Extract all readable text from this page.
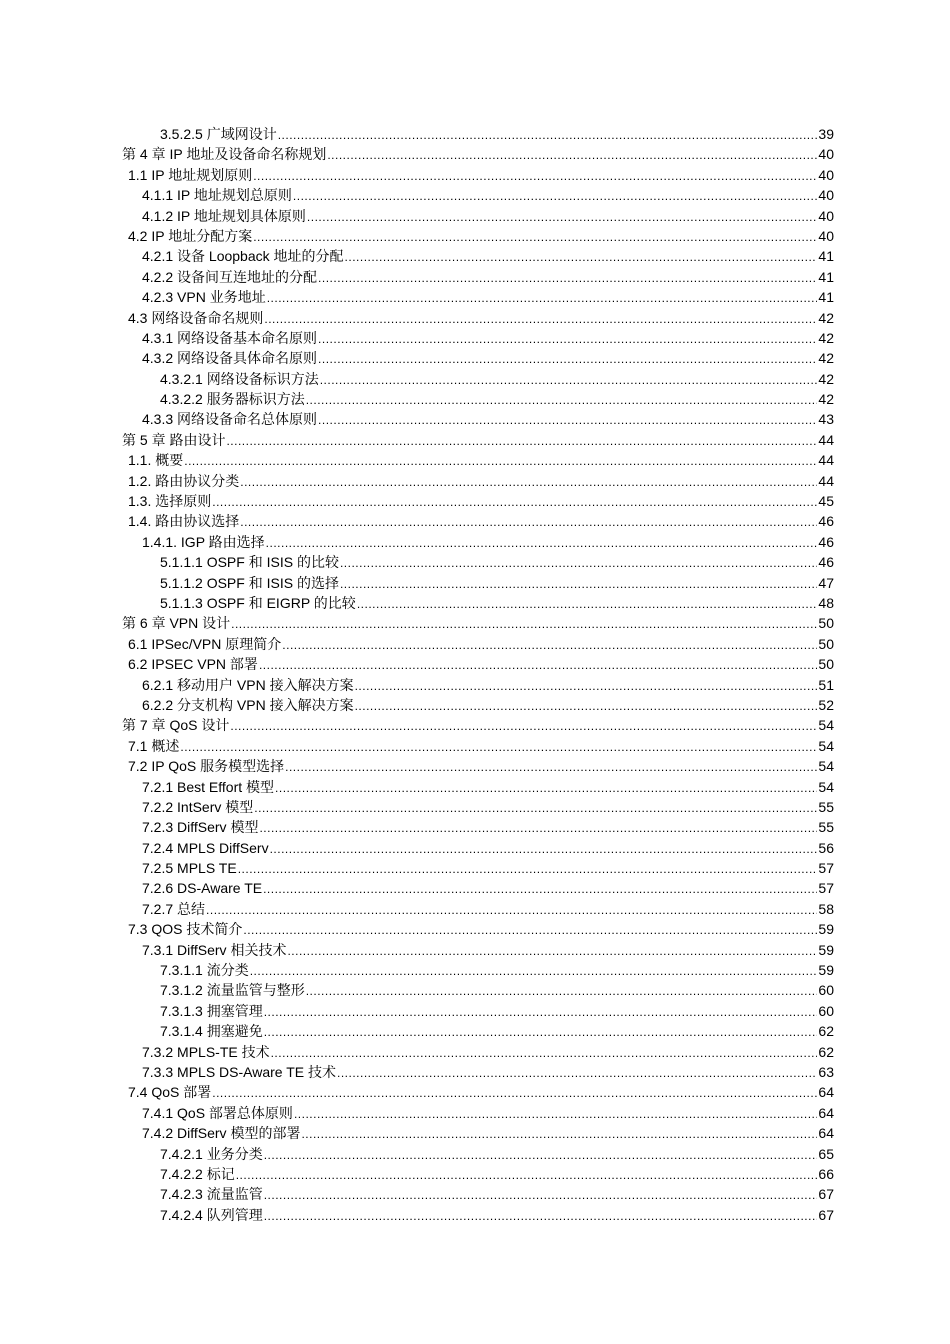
3.5.2.5 广域网设计 .....	39
第 4 章 IP 地址及设备命名称规划 .....	40
1.1 IP 地址规划原则 .....	40
4.1.1 IP 地址规划总原则 .....	40
4.1.2 IP 地址规划具体原则 .....	40
4.2 IP 地址分配方案 .....	40
4.2.1 设备 Loopback 地址的分配 .....	41
4.2.2 设备间互连地址的分配 .....	41
4.2.3 VPN 业务地址 .....	41
4.3 网络设备命名规则 .....	42
4.3.1 网络设备基本命名原则 .....	42
4.3.2 网络设备具体命名原则 .....	42
4.3.2.1 网络设备标识方法 .....	42
4.3.2.2 服务器标识方法 .....	42
4.3.3 网络设备命名总体原则 .....	43
第 5 章 路由设计 .....	44
1.1. 概要 .....	44
1.2. 路由协议分类 .....	44
1.3. 选择原则 .....	45
1.4. 路由协议选择 .....	46
1.4.1. IGP 路由选择 .....	46
5.1.1.1 OSPF 和 ISIS 的比较 .....	46
5.1.1.2 OSPF 和 ISIS 的选择 .....	47
5.1.1.3 OSPF 和 EIGRP 的比较 .....	48
第 6 章 VPN 设计 .....	50
6.1 IPSec/VPN 原理简介 .....	50
6.2 IPSEC VPN 部署 .....	50
6.2.1 移动用户 VPN 接入解决方案 .....	51
6.2.2 分支机构 VPN 接入解决方案 .....	52
第 7 章 QoS 设计 .....	54
7.1 概述 .....	54
7.2 IP QoS 服务模型选择 .....	54
7.2.1 Best Effort 模型 .....	54
7.2.2 IntServ 模型 .....	55
7.2.3 DiffServ 模型 .....	55
7.2.4 MPLS DiffServ .....	56
7.2.5 MPLS TE .....	57
7.2.6 DS-Aware TE .....	57
7.2.7 总结 .....	58
7.3 QOS 技术简介 .....	59
7.3.1 DiffServ 相关技术 .....	59
7.3.1.1 流分类 .....	59
7.3.1.2 流量监管与整形 .....	60
7.3.1.3 拥塞管理 .....	60
7.3.1.4 拥塞避免 .....	62
7.3.2 MPLS-TE 技术 .....	62
7.3.3 MPLS DS-Aware TE 技术 .....	63
7.4 QoS 部署 .....	64
7.4.1 QoS 部署总体原则 .....	64
7.4.2 DiffServ 模型的部署 .....	64
7.4.2.1 业务分类 .....	65
7.4.2.2 标记 .....	66
7.4.2.3 流量监管 .....	67
7.4.2.4 队列管理 .....	67
